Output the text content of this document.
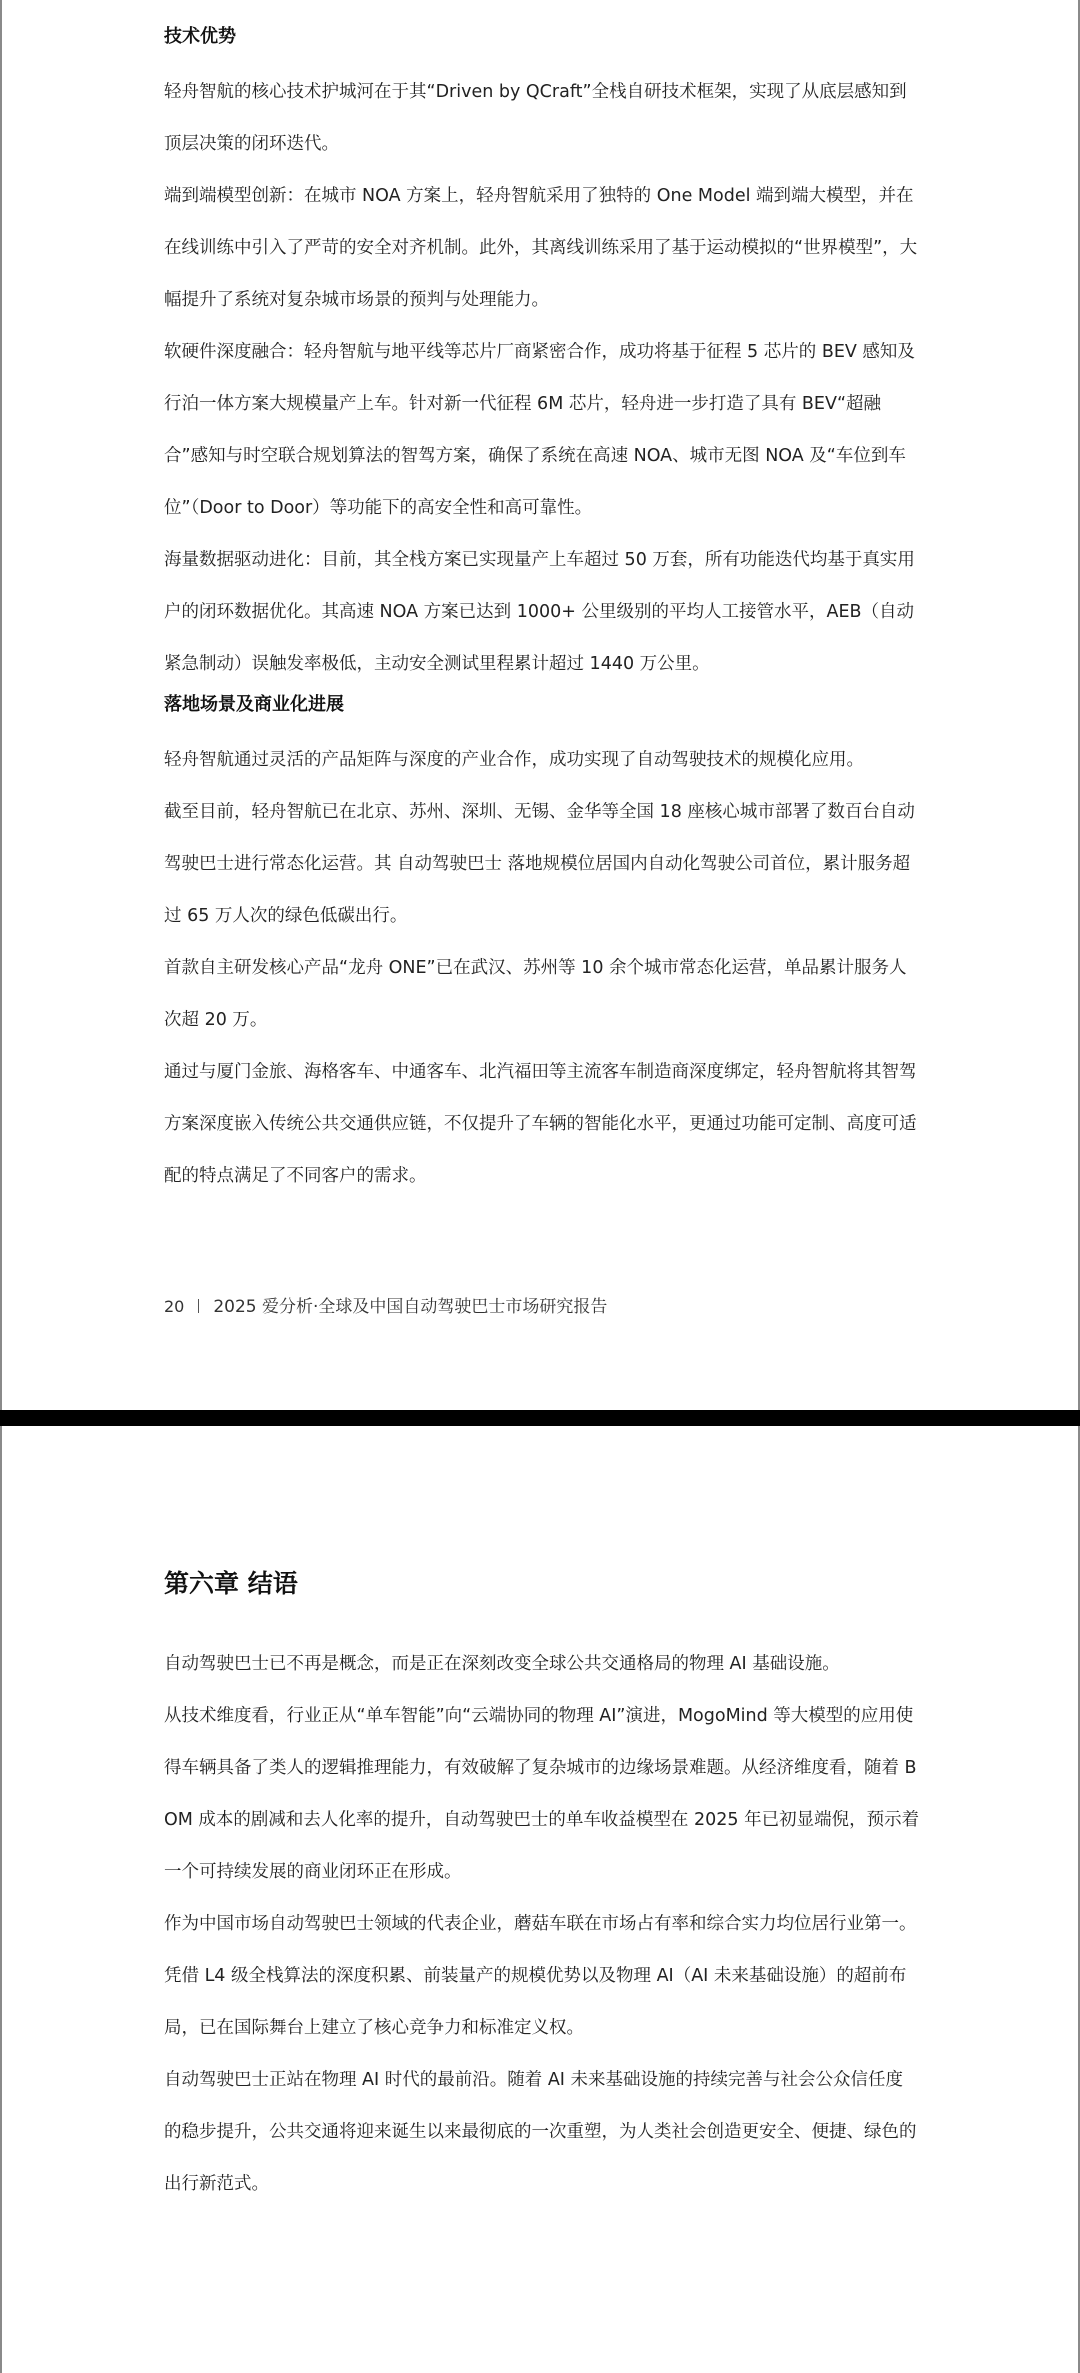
技术优势

轻舟智航的核心技术护城河在于其“Driven by QCraft”全栈自研技术框架，实现了从底层感知到顶层决策的闭环迭代。

端到端模型创新：在城市 NOA 方案上，轻舟智航采用了独特的 One Model 端到端大模型，并在在线训练中引入了严苛的安全对齐机制。此外，其离线训练采用了基于运动模拟的“世界模型”，大幅提升了系统对复杂城市场景的预判与处理能力。

软硬件深度融合：轻舟智航与地平线等芯片厂商紧密合作，成功将基于征程 5 芯片的 BEV 感知及行泊一体方案大规模量产上车。针对新一代征程 6M 芯片，轻舟进一步打造了具有 BEV“超融合”感知与时空联合规划算法的智驾方案，确保了系统在高速 NOA、城市无图 NOA 及“车位到车位”（Door to Door）等功能下的高安全性和高可靠性。

海量数据驱动进化：目前，其全栈方案已实现量产上车超过 50 万套，所有功能迭代均基于真实用户的闭环数据优化。其高速 NOA 方案已达到 1000+ 公里级别的平均人工接管水平，AEB（自动紧急制动）误触发率极低，主动安全测试里程累计超过 1440 万公里。

落地场景及商业化进展

轻舟智航通过灵活的产品矩阵与深度的产业合作，成功实现了自动驾驶技术的规模化应用。

截至目前，轻舟智航已在北京、苏州、深圳、无锡、金华等全国 18 座核心城市部署了数百台自动驾驶巴士进行常态化运营。其 自动驾驶巴士 落地规模位居国内自动化驾驶公司首位，累计服务超过 65 万人次的绿色低碳出行。

首款自主研发核心产品“龙舟 ONE”已在武汉、苏州等 10 余个城市常态化运营，单品累计服务人次超 20 万。

通过与厦门金旅、海格客车、中通客车、北汽福田等主流客车制造商深度绑定，轻舟智航将其智驾方案深度嵌入传统公共交通供应链，不仅提升了车辆的智能化水平，更通过功能可定制、高度可适配的特点满足了不同客户的需求。

20 2025 爱分析·全球及中国自动驾驶巴士市场研究报告
第六章 结语

自动驾驶巴士已不再是概念，而是正在深刻改变全球公共交通格局的物理 AI 基础设施。

从技术维度看，行业正从“单车智能”向“云端协同的物理 AI”演进，MogoMind 等大模型的应用使得车辆具备了类人的逻辑推理能力，有效破解了复杂城市的边缘场景难题。从经济维度看，随着 BOM 成本的剧减和去人化率的提升，自动驾驶巴士的单车收益模型在 2025 年已初显端倪，预示着一个可持续发展的商业闭环正在形成。

作为中国市场自动驾驶巴士领域的代表企业，蘑菇车联在市场占有率和综合实力均位居行业第一。凭借 L4 级全栈算法的深度积累、前装量产的规模优势以及物理 AI（AI 未来基础设施）的超前布局，已在国际舞台上建立了核心竞争力和标准定义权。

自动驾驶巴士正站在物理 AI 时代的最前沿。随着 AI 未来基础设施的持续完善与社会公众信任度的稳步提升，公共交通将迎来诞生以来最彻底的一次重塑，为人类社会创造更安全、便捷、绿色的出行新范式。
